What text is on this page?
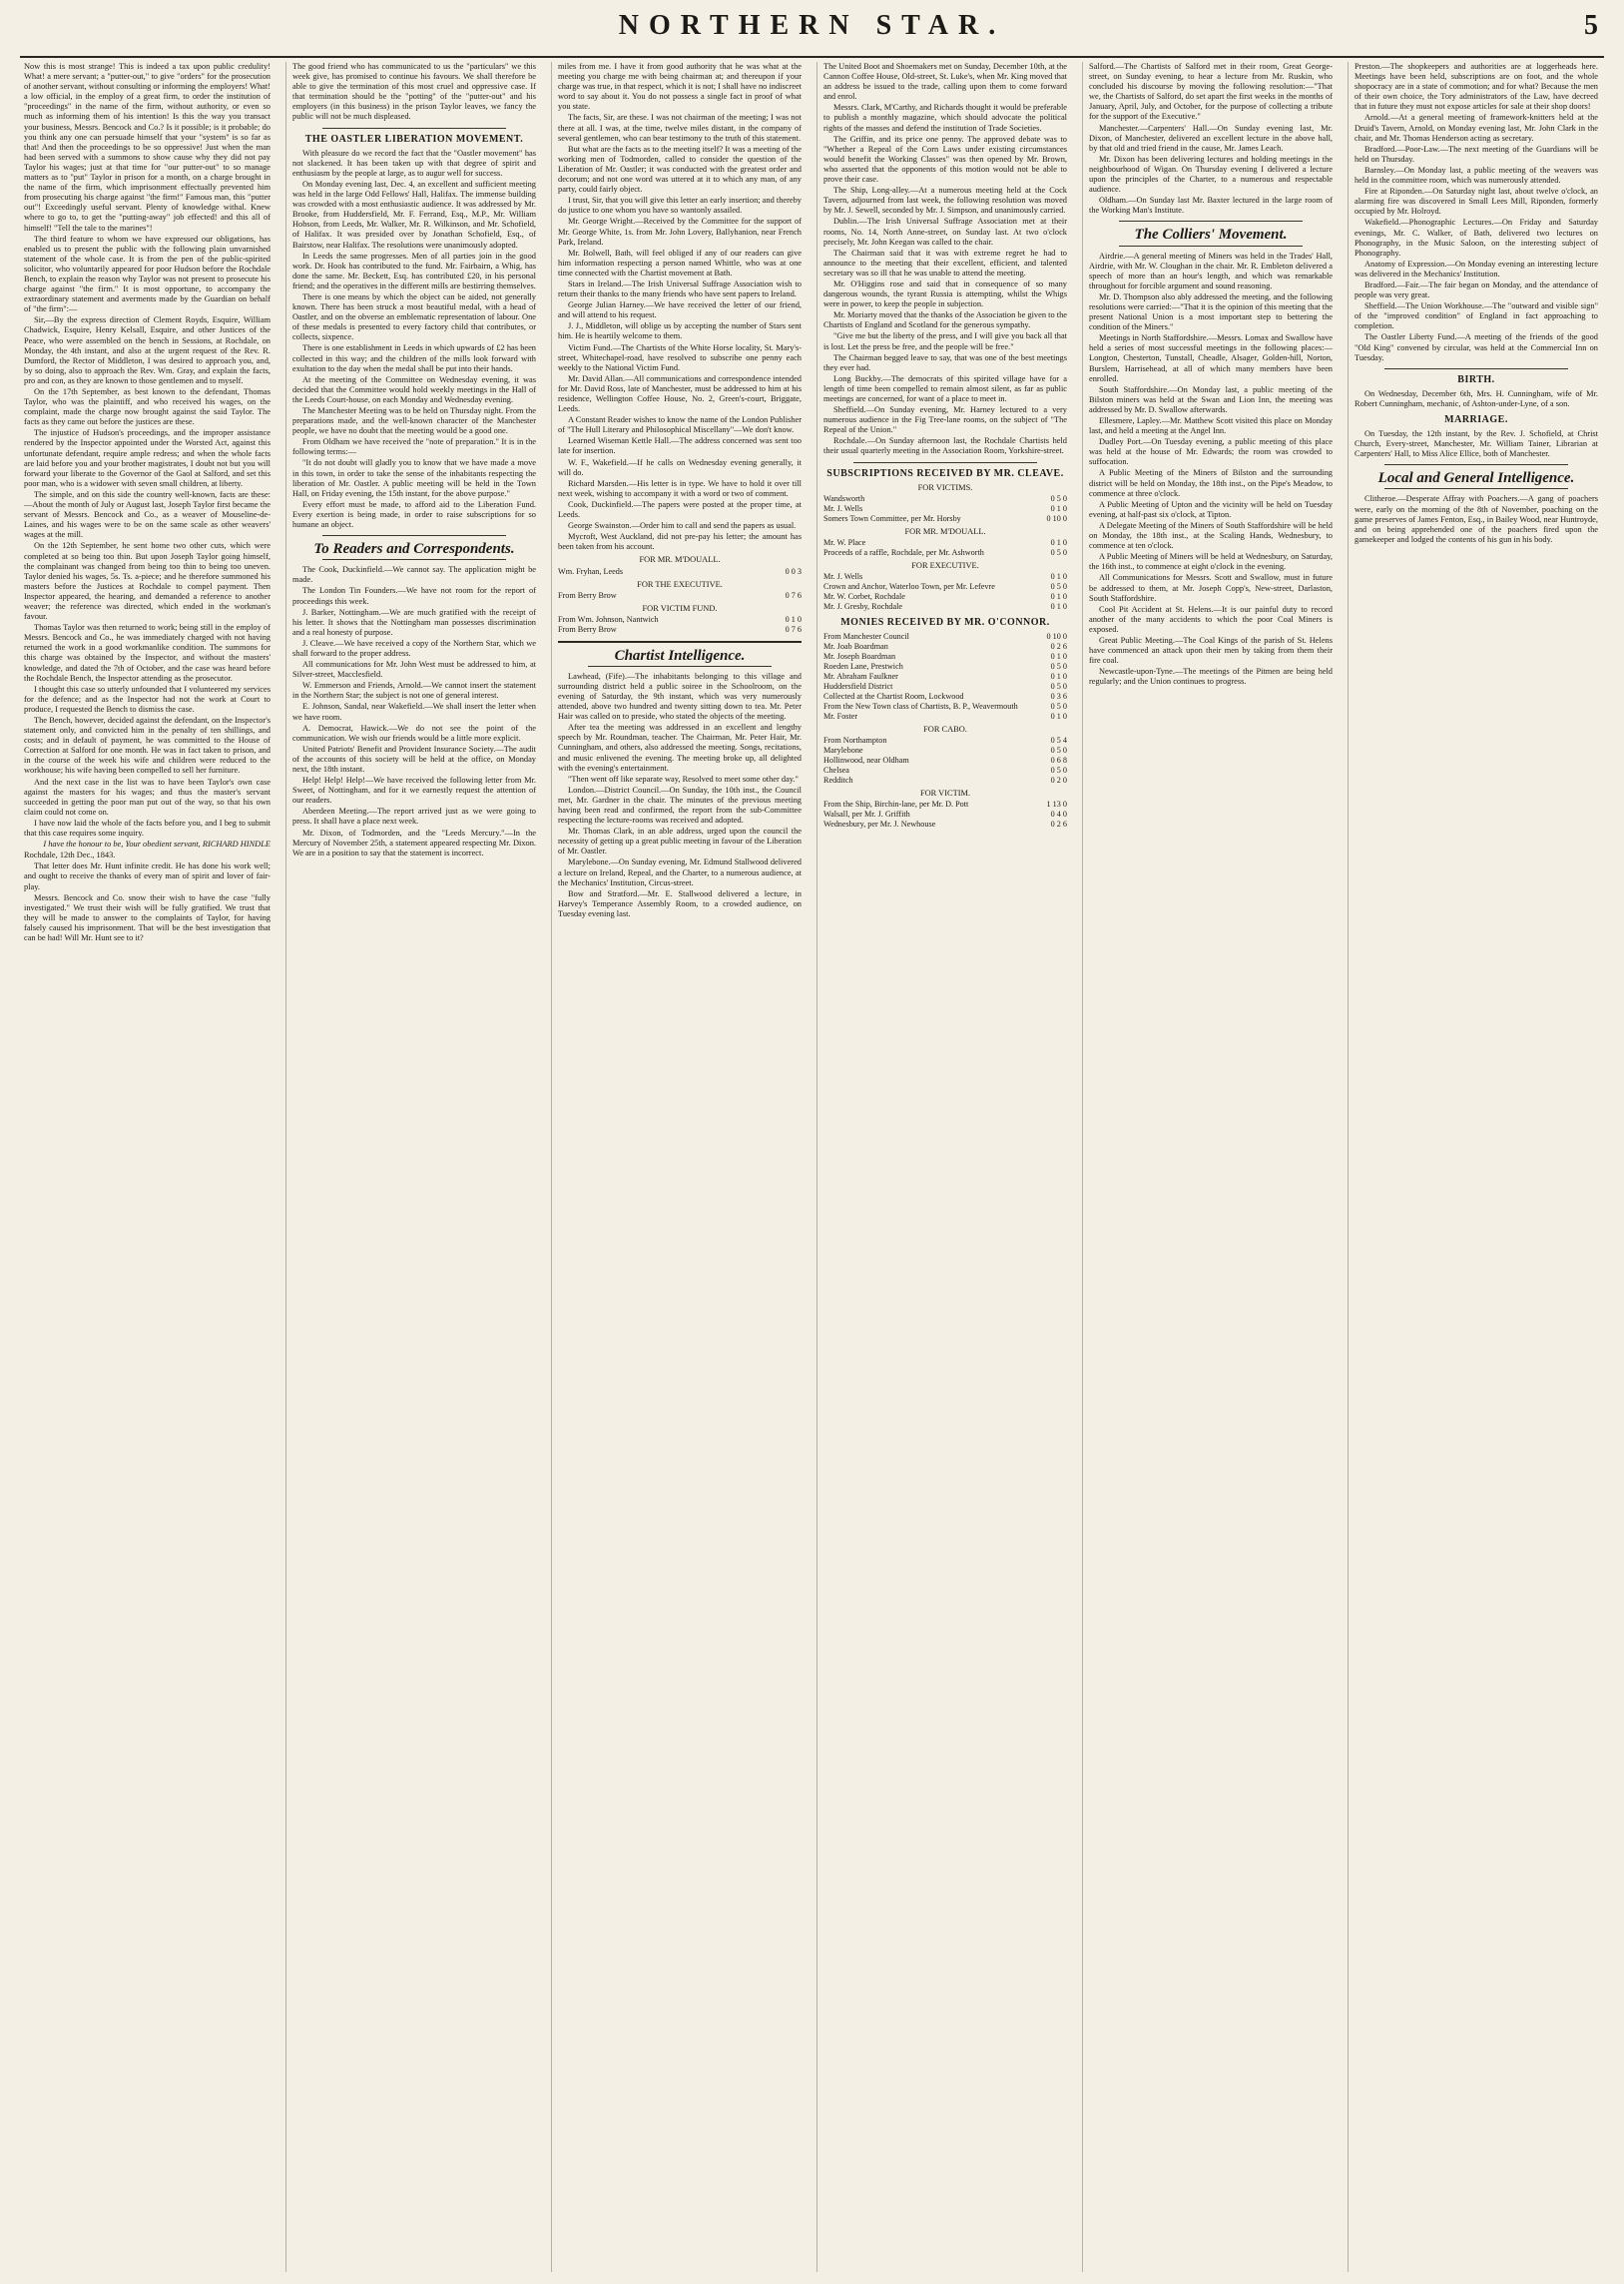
NORTHERN STAR.	5

Now this is most strange! This is indeed a tax upon public credulity! What! a mere servant; a "putter-out," to give "orders" for the prosecution of another servant, without consulting or informing the employers! What! a low official, in the employ of a great firm, to order the institution of "proceedings" in the name of the firm, without authority, or even so much as informing them of his intention! Is this the way you transact your business, Messrs. Bencock and Co.? Is it possible; is it probable; do you think any one can persuade himself that your "system" is so far as that! And then the proceedings to be so oppressive! Just when the man had been served with a summons to show cause why they did not pay Taylor his wages; just at that time for "our putter-out" to so manage matters as to "put" Taylor in prison for a month, on a charge brought in the name of the firm, which imprisonment effectually prevented him from prosecuting his charge against "the firm!" Famous man, this "putter out"! Exceedingly useful servant. Plenty of knowledge withal. Knew where to go to, to get the "putting-away" job effected! and this all of himself! "Tell the tale to the marines"!

The third feature to whom we have expressed our obligations, has enabled us to present the public with the following plain unvarnished statement of the whole case. It is from the pen of the public-spirited solicitor, who voluntarily appeared for poor Hudson before the Rochdale Bench, to explain the reason why Taylor was not present to prosecute his charge against "the firm." It is most opportune, to accompany the extraordinary statement and averments made by the Guardian on behalf of "the firm":—

Sir,—By the express direction of Clement Royds, Esquire, William Chadwick, Esquire, Henry Kelsall, Esquire, and other Justices of the Peace, who were assembled on the bench in Sessions, at Rochdale, on Monday, the 4th instant, and also at the urgent request of the Rev. R. Dumford, the Rector of Middleton, I was desired to approach you, and, by so doing, also to approach the Rev. Wm. Gray, and explain the facts, pro and con, as they are known to those gentlemen and to myself.

On the 17th September, as best known to the defendant, Thomas Taylor, who was the plaintiff, and who received his wages, on the complaint, made the charge now brought against the said Taylor. The facts as they came out before the justices are these.

The injustice of Hudson's proceedings, and the improper assistance rendered by the Inspector appointed under the Worsted Act, against this unfortunate defendant, require ample redress; and when the whole facts are laid before you and your brother magistrates, I doubt not but you will forward your liberate to the Governor of the Gaol at Salford, and set this poor man, who is a widower with seven small children, at liberty.

The simple, and on this side the country well-known, facts are these:—About the month of July or August last, Joseph Taylor first became the servant of Messrs. Bencock and Co., as a weaver of Mouseline-de-Laines, and his wages were to be on the same scale as other weavers' wages at the mill.

On the 12th September, he sent home two other cuts, which were completed at so being too thin. But upon Joseph Taylor going himself, the complainant was changed from being too thin to being too uneven. Taylor denied his wages, 5s. Ts. a-piece; and he therefore summoned his masters before the Justices at Rochdale to compel payment. Then Inspector appeared, the hearing, and demanded a reference to another weaver; the reference was directed, which ended in the workman's favour.

Thomas Taylor was then returned to work; being still in the employ of Messrs. Bencock and Co., he was immediately charged with not having returned the work in a good workmanlike condition. The summons for this charge was obtained by the Inspector, and without the masters' knowledge, and dated the 7th of October, and the case was heard before the Rochdale Bench, the Inspector attending as the prosecutor.

I thought this case so utterly unfounded that I volunteered my services for the defence; and as the Inspector had not the work at Court to produce, I requested the Bench to dismiss the case.

The Bench, however, decided against the defendant, on the Inspector's statement only, and convicted him in the penalty of ten shillings, and costs; and in default of payment, he was committed to the House of Correction at Salford for one month. He was in fact taken to prison, and in the course of the week his wife and children were reduced to the workhouse; his wife having been compelled to sell her furniture.

And the next case in the list was to have been Taylor's own case against the masters for his wages; and thus the master's servant succeeded in getting the poor man put out of the way, so that his own claim could not come on.

I have now laid the whole of the facts before you, and I beg to submit that this case requires some inquiry.

I have the honour to be, Your obedient servant, RICHARD HINDLE

Rochdale, 12th Dec., 1843.

That letter does Mr. Hunt infinite credit. He has done his work well; and ought to receive the thanks of every man of spirit and lover of fair-play.

Messrs. Bencock and Co. snow their wish to have the case "fully investigated." We trust their wish will be fully gratified. We trust that they will be made to answer to the complaints of Taylor, for having falsely caused his imprisonment. That will be the best investigation that can be had! Will Mr. Hunt see to it?

The good friend who has communicated to us the "particulars" we this week give, has promised to continue his favours. We shall therefore be able to give the termination of this most cruel and oppressive case. If that termination should be the "potting" of the "putter-out" and his employers (in this business) in the prison Taylor leaves, we fancy the public will not be much displeased.

THE OASTLER LIBERATION MOVEMENT.

With pleasure do we record the fact that the "Oastler movement" has not slackened. It has been taken up with that degree of spirit and enthusiasm by the people at large, as to augur well for success.

On Monday evening last, Dec. 4, an excellent and sufficient meeting was held in the large Odd Fellows' Hall, Halifax. The immense building was crowded with a most enthusiastic audience. It was addressed by Mr. Brooke, from Huddersfield, Mr. F. Ferrand, Esq., M.P., Mr. William Hobson, from Leeds, Mr. Walker, Mr. R. Wilkinson, and Mr. Schofield, of Halifax. It was presided over by Jonathan Schofield, Esq., of Bairstow, near Halifax. The resolutions were unanimously adopted.

In Leeds the same progresses. Men of all parties join in the good work. Dr. Hook has contributed to the fund. Mr. Fairbairn, a Whig, has done the same. Mr. Beckett, Esq. has contributed £20, in his personal friend; and the operatives in the different mills are bestirring themselves.

There is one means by which the object can be aided, not generally known. There has been struck a most beautiful medal, with a head of Oastler, and on the obverse an emblematic representation of labour. One of these medals is presented to every factory child that contributes, or collects, sixpence.

There is one establishment in Leeds in which upwards of £2 has been collected in this way; and the children of the mills look forward with exultation to the day when the medal shall be put into their hands.

At the meeting of the Committee on Wednesday evening, it was decided that the Committee would hold weekly meetings in the Hall of the Leeds Court-house, on each Monday and Wednesday evening.

The Manchester Meeting was to be held on Thursday night. From the preparations made, and the well-known character of the Manchester people, we have no doubt that the meeting would be a good one.

From Oldham we have received the "note of preparation." It is in the following terms:—

"It do not doubt will gladly you to know that we have made a move in this town, in order to take the sense of the inhabitants respecting the liberation of Mr. Oastler. A public meeting will be held in the Town Hall, on Friday evening, the 15th instant, for the above purpose."

Every effort must be made, to afford aid to the Liberation Fund. Every exertion is being made, in order to raise subscriptions for so humane an object.

To Readers and Correspondents.

The Cook, Duckinfield.—We cannot say. The application might be made.

The London Tin Founders.—We have not room for the report of proceedings this week.

J. Barker, Nottingham.—We are much gratified with the receipt of his letter. It shows that the Nottingham man possesses discrimination and a real honesty of purpose.

J. Cleave.—We have received a copy of the Northern Star, which we shall forward to the proper address.

All communications for Mr. John West must be addressed to him, at Silver-street, Macclesfield.

W. Emmerson and Friends, Arnold.—We cannot insert the statement in the Northern Star; the subject is not one of general interest.

E. Johnson, Sandal, near Wakefield.—We shall insert the letter when we have room.

A. Democrat, Hawick.—We do not see the point of the communication. We wish our friends would be a little more explicit.

United Patriots' Benefit and Provident Insurance Society.—The audit of the accounts of this society will be held at the office, on Monday next, the 18th instant.

Help! Help! Help!—We have received the following letter from Mr. Sweet, of Nottingham, and for it we earnestly request the attention of our readers.

Aberdeen Meeting.—The report arrived just as we were going to press. It shall have a place next week.

Mr. Dixon, of Todmorden, and the "Leeds Mercury."—In the Mercury of November 25th, a statement appeared respecting Mr. Dixon. We are in a position to say that the statement is incorrect.

miles from me. I have it from good authority that he was what at the meeting you charge me with being chairman at; and thereupon if your charge was true, in that respect, which it is not; I shall have no indiscreet word to say about it. You do not possess a single fact in proof of what you state.

The facts, Sir, are these. I was not chairman of the meeting; I was not there at all. I was, at the time, twelve miles distant, in the company of several gentlemen, who can bear testimony to the truth of this statement.

But what are the facts as to the meeting itself? It was a meeting of the working men of Todmorden, called to consider the question of the Liberation of Mr. Oastler; it was conducted with the greatest order and decorum; and not one word was uttered at it to which any man, of any party, could fairly object.

I trust, Sir, that you will give this letter an early insertion; and thereby do justice to one whom you have so wantonly assailed.

Mr. George Wright.—Received by the Committee for the support of Mr. George White, 1s. from Mr. John Lovery, Ballyhanion, near French Park, Ireland.

Mr. Bolwell, Bath, will feel obliged if any of our readers can give him information respecting a person named Whittle, who was at one time connected with the Chartist movement at Bath.

Stars in Ireland.—The Irish Universal Suffrage Association wish to return their thanks to the many friends who have sent papers to Ireland.

George Julian Harney.—We have received the letter of our friend, and will attend to his request.

J. J., Middleton, will oblige us by accepting the number of Stars sent him. He is heartily welcome to them.

Victim Fund.—The Chartists of the White Horse locality, St. Mary's-street, Whitechapel-road, have resolved to subscribe one penny each weekly to the National Victim Fund.

Mr. David Allan.—All communications and correspondence intended for Mr. David Ross, late of Manchester, must be addressed to him at his residence, Wellington Coffee House, No. 2, Green's-court, Briggate, Leeds.

A Constant Reader wishes to know the name of the London Publisher of "The Hull Literary and Philosophical Miscellany"—We don't know.

Learned Wiseman Kettle Hall.—The address concerned was sent too late for insertion.

W. F., Wakefield.—If he calls on Wednesday evening generally, it will do.

Richard Marsden.—His letter is in type. We have to hold it over till next week, wishing to accompany it with a word or two of comment.

Cook, Duckinfield.—The papers were posted at the proper time, at Leeds.

George Swainston.—Order him to call and send the papers as usual.

Mycroft, West Auckland, did not pre-pay his letter; the amount has been taken from his account.

FOR MR. M'DOUALL.
Wm. Fryhan, Leeds	0 0 3
FOR THE EXECUTIVE.
From Berry Brow	0 7 6
FOR VICTIM FUND.
From Wm. Johnson, Nantwich	0 1 0
From Berry Brow	0 7 6
Chartist Intelligence.

Lawhead, (Fife).—The inhabitants belonging to this village and surrounding district held a public soiree in the Schoolroom, on the evening of Saturday, the 9th instant, which was very numerously attended, above two hundred and twenty sitting down to tea. Mr. Peter Hair was called on to preside, who stated the objects of the meeting.

After tea the meeting was addressed in an excellent and lengthy speech by Mr. Roundman, teacher. The Chairman, Mr. Peter Hair, Mr. Cunningham, and others, also addressed the meeting. Songs, recitations, and music enlivened the evening. The meeting broke up, all delighted with the evening's entertainment.

"Then went off like separate way, Resolved to meet some other day."

London.—District Council.—On Sunday, the 10th inst., the Council met, Mr. Gardner in the chair. The minutes of the previous meeting having been read and confirmed, the report from the sub-Committee respecting the lecture-rooms was received and adopted.

Mr. Thomas Clark, in an able address, urged upon the council the necessity of getting up a great public meeting in favour of the Liberation of Mr. Oastler.

Marylebone.—On Sunday evening, Mr. Edmund Stallwood delivered a lecture on Ireland, Repeal, and the Charter, to a numerous audience, at the Mechanics' Institution, Circus-street.

Bow and Stratford.—Mr. E. Stallwood delivered a lecture, in Harvey's Temperance Assembly Room, to a crowded audience, on Tuesday evening last.

The United Boot and Shoemakers met on Sunday, December 10th, at the Cannon Coffee House, Old-street, St. Luke's, when Mr. King moved that an address be issued to the trade, calling upon them to come forward and enrol.

Messrs. Clark, M'Carthy, and Richards thought it would be preferable to publish a monthly magazine, which should advocate the political rights of the masses and defend the institution of Trade Societies.

The Griffin, and its price one penny. The approved debate was to "Whether a Repeal of the Corn Laws under existing circumstances would benefit the Working Classes" was then opened by Mr. Brown, who asserted that the opponents of this motion would not be able to prove their case.

The Ship, Long-alley.—At a numerous meeting held at the Cock Tavern, adjourned from last week, the following resolution was moved by Mr. J. Sewell, seconded by Mr. J. Simpson, and unanimously carried.

Dublin.—The Irish Universal Suffrage Association met at their rooms, No. 14, North Anne-street, on Sunday last. At two o'clock precisely, Mr. John Keegan was called to the chair.

The Chairman said that it was with extreme regret he had to announce to the meeting that their excellent, efficient, and talented secretary was so ill that he was unable to attend the meeting.

Mr. O'Higgins rose and said that in consequence of so many dangerous wounds, the tyrant Russia is attempting, whilst the Whigs were in power, to keep the people in subjection.

Mr. Moriarty moved that the thanks of the Association be given to the Chartists of England and Scotland for the generous sympathy.

"Give me but the liberty of the press, and I will give you back all that is lost. Let the press be free, and the people will be free."

The Chairman begged leave to say, that was one of the best meetings they ever had.

Long Buckby.—The democrats of this spirited village have for a length of time been compelled to remain almost silent, as far as public meetings are concerned, for want of a place to meet in.

Sheffield.—On Sunday evening, Mr. Harney lectured to a very numerous audience in the Fig Tree-lane rooms, on the subject of "The Repeal of the Union."

Rochdale.—On Sunday afternoon last, the Rochdale Chartists held their usual quarterly meeting in the Association Room, Yorkshire-street.

SUBSCRIPTIONS RECEIVED BY MR. CLEAVE.
FOR VICTIMS.
Wandsworth	0 5 0
Mr. J. Wells	0 1 0
Somers Town Committee, per Mr. Horsby	0 10 0
FOR MR. M'DOUALL.
Mr. W. Place	0 1 0
Proceeds of a raffle, Rochdale, per Mr. Ashworth	0 5 0
FOR EXECUTIVE.
Mr. J. Wells	0 1 0
Crown and Anchor, Waterloo Town, per Mr. Lefevre	0 5 0
Mr. W. Corbet, Rochdale	0 1 0
Mr. J. Gresby, Rochdale	0 1 0
MONIES RECEIVED BY MR. O'CONNOR.
From Manchester Council	0 10 0
Mr. Joab Boardman	0 2 6
Mr. Joseph Boardman	0 1 0
Roeden Lane, Prestwich	0 5 0
Mr. Abraham Faulkner	0 1 0
Huddersfield District	0 5 0
Collected at the Chartist Room, Lockwood	0 3 6
From the New Town class of Chartists, B. P., Weavermouth	0 5 0
Mr. Foster	0 1 0
FOR CABO.
From Northampton	0 5 4
Marylebone	0 5 0
Hollinwood, near Oldham	0 6 8
Chelsea	0 5 0
Redditch	0 2 0
FOR VICTIM.
From the Ship, Birchin-lane, per Mr. D. Pott	1 13 0
Walsall, per Mr. J. Griffith	0 4 0
Wednesbury, per Mr. J. Newhouse	0 2 6

Salford.—The Chartists of Salford met in their room, Great George-street, on Sunday evening, to hear a lecture from Mr. Ruskin, who concluded his discourse by moving the following resolution:—"That we, the Chartists of Salford, do set apart the first weeks in the months of January, April, July, and October, for the purpose of collecting a tribute for the support of the Executive."

Manchester.—Carpenters' Hall.—On Sunday evening last, Mr. Dixon, of Manchester, delivered an excellent lecture in the above hall, by that old and tried friend in the cause, Mr. James Leach.

Mr. Dixon has been delivering lectures and holding meetings in the neighbourhood of Wigan. On Thursday evening I delivered a lecture upon the principles of the Charter, to a numerous and respectable audience.

Oldham.—On Sunday last Mr. Baxter lectured in the large room of the Working Man's Institute.

The Colliers' Movement.

Airdrie.—A general meeting of Miners was held in the Trades' Hall, Airdrie, with Mr. W. Cloughan in the chair. Mr. R. Embleton delivered a speech of more than an hour's length, and which was remarkable throughout for forcible argument and sound reasoning.

Mr. D. Thompson also ably addressed the meeting, and the following resolutions were carried:—"That it is the opinion of this meeting that the present National Union is a most important step to bettering the condition of the Miners."

Meetings in North Staffordshire.—Messrs. Lomax and Swallow have held a series of most successful meetings in the following places:—Longton, Chesterton, Tunstall, Cheadle, Alsager, Golden-hill, Norton, Burslem, Harrisehead, at all of which many members have been enrolled.

South Staffordshire.—On Monday last, a public meeting of the Bilston miners was held at the Swan and Lion Inn, the meeting was addressed by Mr. D. Swallow afterwards.

Ellesmere, Lapley.—Mr. Matthew Scott visited this place on Monday last, and held a meeting at the Angel Inn.

Dudley Port.—On Tuesday evening, a public meeting of this place was held at the house of Mr. Edwards; the room was crowded to suffocation.

A Public Meeting of the Miners of Bilston and the surrounding district will be held on Monday, the 18th inst., on the Pipe's Meadow, to commence at three o'clock.

A Public Meeting of Upton and the vicinity will be held on Tuesday evening, at half-past six o'clock, at Tipton.

A Delegate Meeting of the Miners of South Staffordshire will be held on Monday, the 18th inst., at the Scaling Hands, Wednesbury, to commence at ten o'clock.

A Public Meeting of Miners will be held at Wednesbury, on Saturday, the 16th inst., to commence at eight o'clock in the evening.

All Communications for Messrs. Scott and Swallow, must in future be addressed to them, at Mr. Joseph Copp's, New-street, Darlaston, South Staffordshire.

Cool Pit Accident at St. Helens.—It is our painful duty to record another of the many accidents to which the poor Coal Miners is exposed.

Great Public Meeting.—The Coal Kings of the parish of St. Helens have commenced an attack upon their men by taking from them their fire coal.

Newcastle-upon-Tyne.—The meetings of the Pitmen are being held regularly; and the Union continues to progress.

Preston.—The shopkeepers and authorities are at loggerheads here. Meetings have been held, subscriptions are on foot, and the whole shopocracy are in a state of commotion; and for what? Because the men of their own choice, the Tory administrators of the Law, have decreed that in future they must not expose articles for sale at their shop doors!

Arnold.—At a general meeting of framework-knitters held at the Druid's Tavern, Arnold, on Monday evening last, Mr. John Clark in the chair, and Mr. Thomas Henderson acting as secretary.

Bradford.—Poor-Law.—The next meeting of the Guardians will be held on Thursday.

Barnsley.—On Monday last, a public meeting of the weavers was held in the committee room, which was numerously attended.

Fire at Riponden.—On Saturday night last, about twelve o'clock, an alarming fire was discovered in Small Lees Mill, Riponden, formerly occupied by Mr. Holroyd.

Wakefield.—Phonographic Lectures.—On Friday and Saturday evenings, Mr. C. Walker, of Bath, delivered two lectures on Phonography, in the Music Saloon, on the interesting subject of Phonography.

Anatomy of Expression.—On Monday evening an interesting lecture was delivered in the Mechanics' Institution.

Bradford.—Fair.—The fair began on Monday, and the attendance of people was very great.

Sheffield.—The Union Workhouse.—The "outward and visible sign" of the "improved condition" of England in fact approaching to completion.

The Oastler Liberty Fund.—A meeting of the friends of the good "Old King" convened by circular, was held at the Commercial Inn on Tuesday.

BIRTH.

On Wednesday, December 6th, Mrs. H. Cunningham, wife of Mr. Robert Cunningham, mechanic, of Ashton-under-Lyne, of a son.

MARRIAGE.

On Tuesday, the 12th instant, by the Rev. J. Schofield, at Christ Church, Every-street, Manchester, Mr. William Tainer, Librarian at Carpenters' Hall, to Miss Alice Ellice, both of Manchester.

Local and General Intelligence.

Clitheroe.—Desperate Affray with Poachers.—A gang of poachers were, early on the morning of the 8th of November, poaching on the game preserves of James Fenton, Esq., in Bailey Wood, near Huntroyde, and on being apprehended one of the poachers fired upon the gamekeeper and lodged the contents of his gun in his body.
